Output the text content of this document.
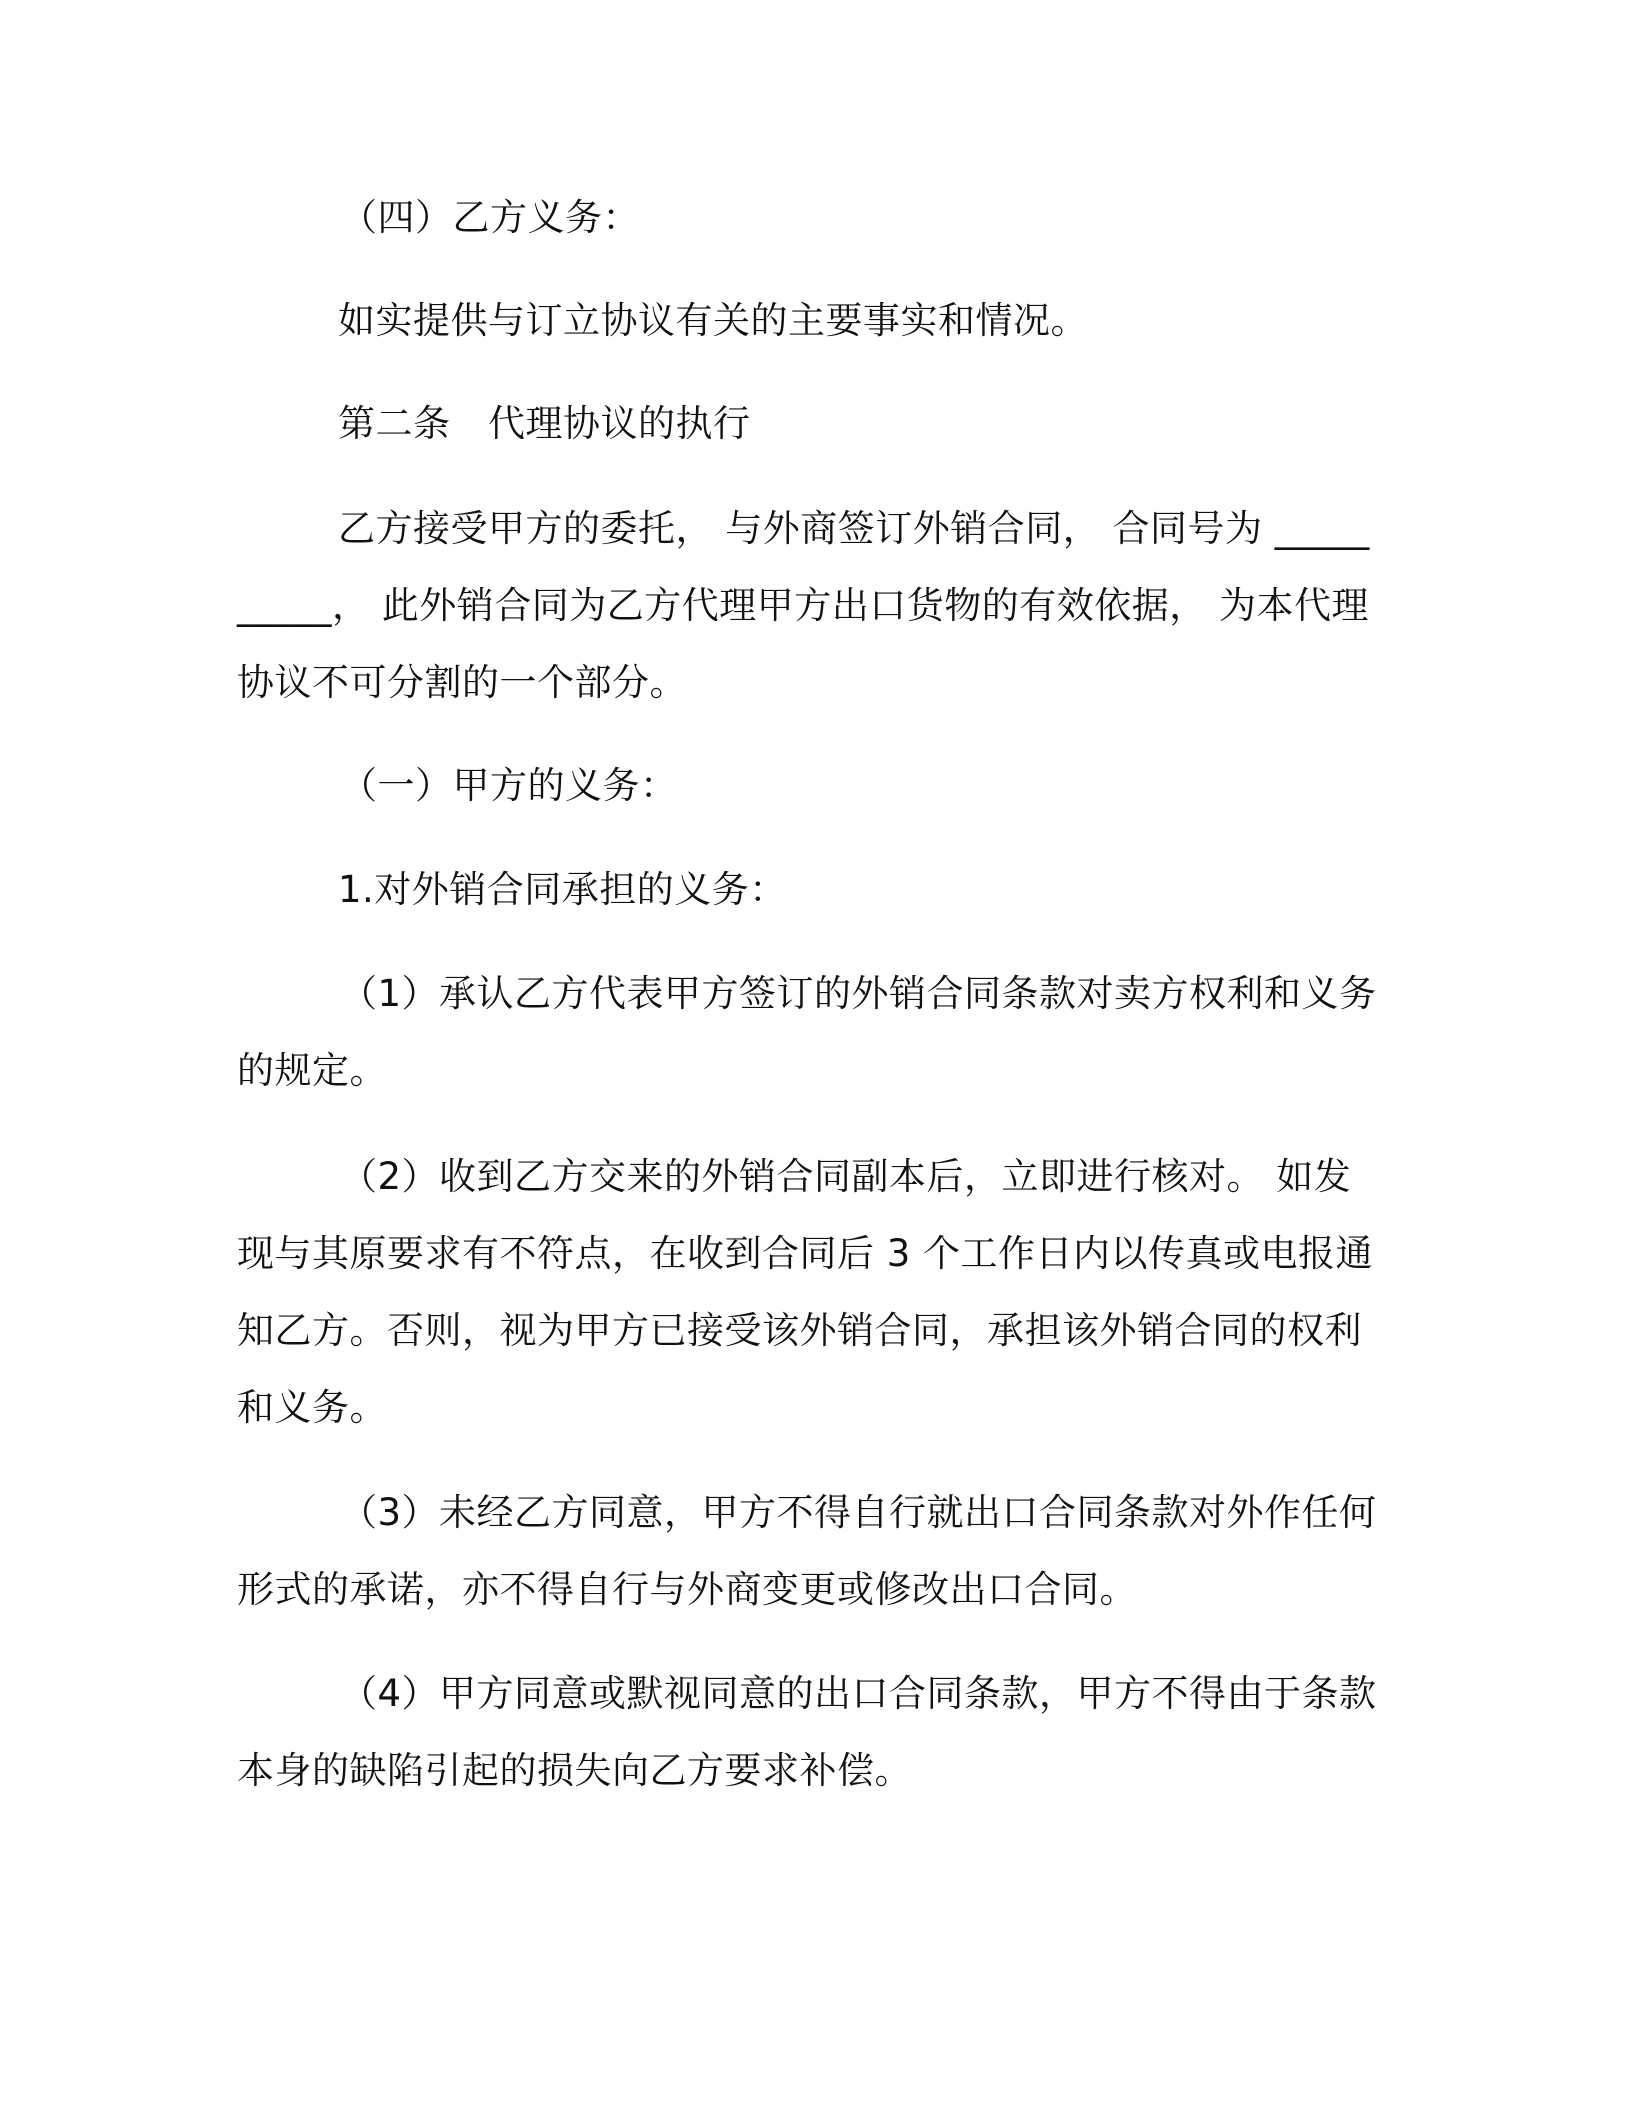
（四）乙方义务：

如实提供与订立协议有关的主要事实和情况。

第二条　代理协议的执行

乙方接受甲方的委托， 与外商签订外销合同， 合同号为 __________， 此外销合同为乙方代理甲方出口货物的有效依据， 为本代理协议不可分割的一个部分。

（一）甲方的义务：

1.对外销合同承担的义务：

（1）承认乙方代表甲方签订的外销合同条款对卖方权利和义务的规定。

（2）收到乙方交来的外销合同副本后，立即进行核对。 如发现与其原要求有不符点，在收到合同后 3 个工作日内以传真或电报通知乙方。否则，视为甲方已接受该外销合同，承担该外销合同的权利和义务。

（3）未经乙方同意，甲方不得自行就出口合同条款对外作任何形式的承诺，亦不得自行与外商变更或修改出口合同。

（4）甲方同意或默视同意的出口合同条款，甲方不得由于条款本身的缺陷引起的损失向乙方要求补偿。
